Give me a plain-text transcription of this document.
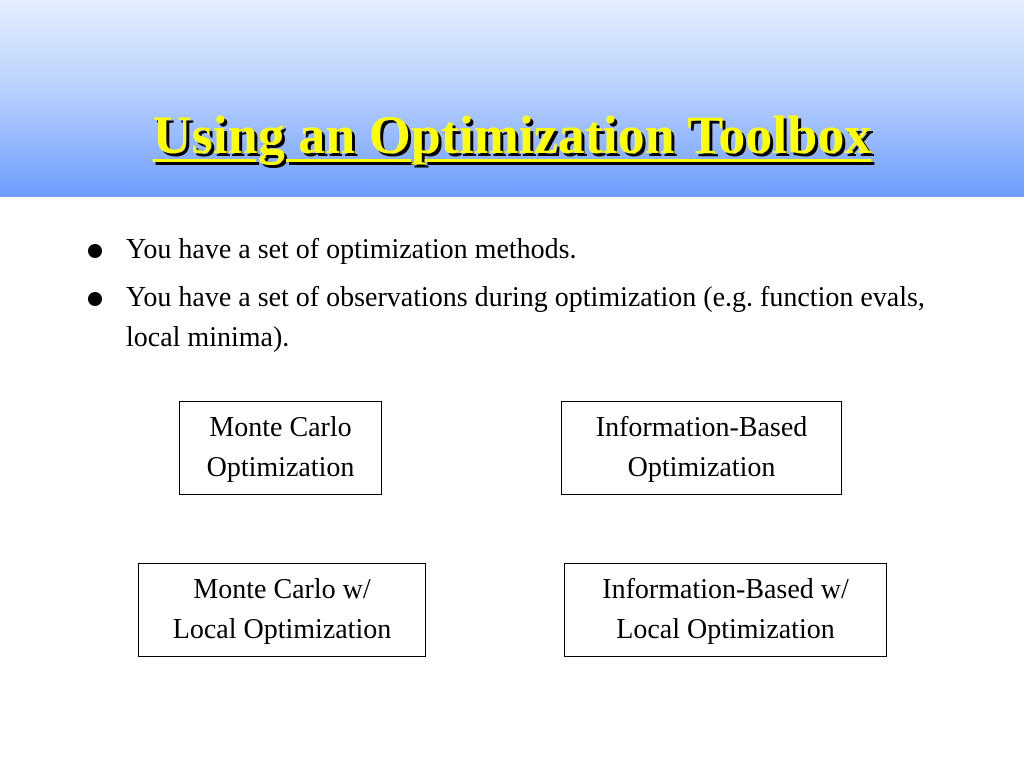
Using an Optimization Toolbox
You have a set of optimization methods.
You have a set of observations during optimization (e.g. function evals, local minima).
Monte Carlo
Optimization
Information-Based
Optimization
Monte Carlo w/
Local Optimization
Information-Based w/
Local Optimization
